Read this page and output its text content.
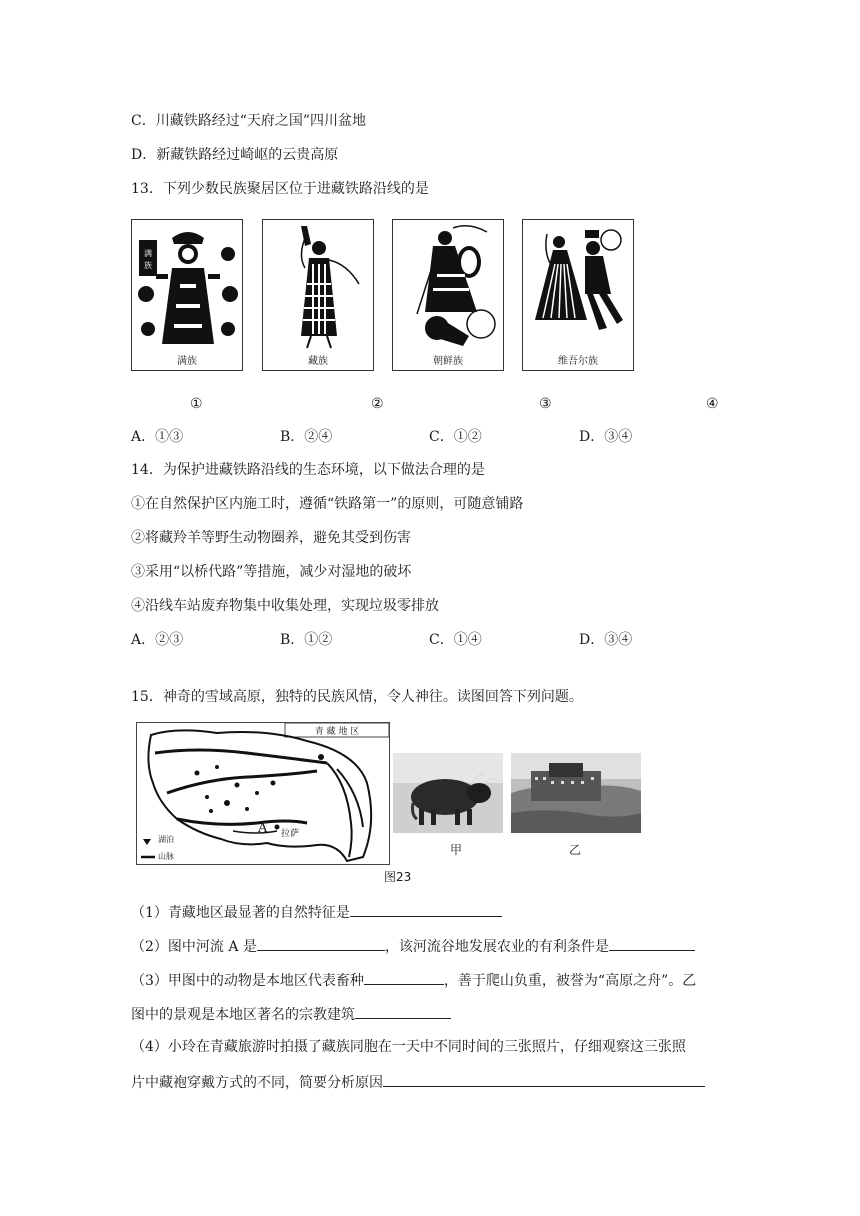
C．川藏铁路经过“天府之国”四川盆地
D．新藏铁路经过崎岖的云贵高原
13．下列少数民族聚居区位于进藏铁路沿线的是
满
族
满族	藏族	朝鲜族	维吾尔族
①	②	③	④
A．①③	B．②④	C．①②	D．③④
14．为保护进藏铁路沿线的生态环境，以下做法合理的是
①在自然保护区内施工时，遵循“铁路第一”的原则，可随意铺路
②将藏羚羊等野生动物圈养，避免其受到伤害
③采用“以桥代路”等措施，减少对湿地的破坏
④沿线车站废弃物集中收集处理，实现垃圾零排放
A．②③	B．①②	C．①④	D．③④
15．神奇的雪域高原，独特的民族风情，令人神往。读图回答下列问题。
青 藏 地 区
A 拉萨
湖泊
山脉	甲	乙
图23
（1）青藏地区最显著的自然特征是
（2）图中河流 A 是	，该河流谷地发展农业的有利条件是
（3）甲图中的动物是本地区代表畜种	，善于爬山负重，被誉为“高原之舟”。乙
图中的景观是本地区著名的宗教建筑
（4）小玲在青藏旅游时拍摄了藏族同胞在一天中不同时间的三张照片，仔细观察这三张照
片中藏袍穿戴方式的不同，简要分析原因
